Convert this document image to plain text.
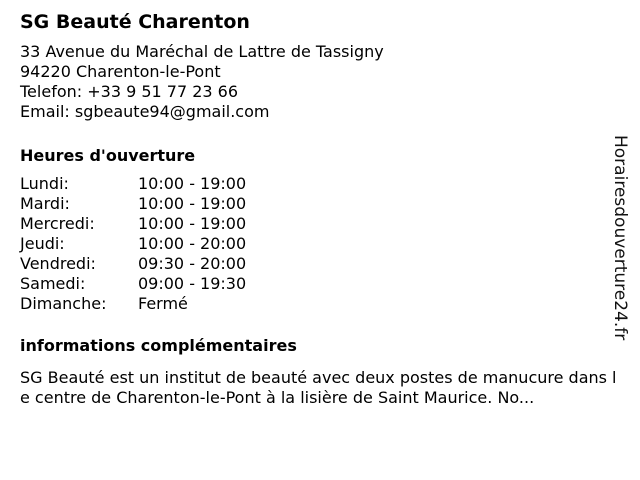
SG Beauté Charenton
33 Avenue du Maréchal de Lattre de Tassigny
94220 Charenton-le-Pont
Telefon: +33 9 51 77 23 66
Email: sgbeaute94@gmail.com
Heures d'ouverture
Lundi:	10:00 - 19:00
Mardi:	10:00 - 19:00
Mercredi:	10:00 - 19:00
Jeudi:	10:00 - 20:00
Vendredi:	09:30 - 20:00
Samedi:	09:00 - 19:30
Dimanche:	Fermé
informations complémentaires
SG Beauté est un institut de beauté avec deux postes de manucure dans le centre de Charenton-le-Pont à la lisière de Saint Maurice. No...
Horairesdouverture24.fr
